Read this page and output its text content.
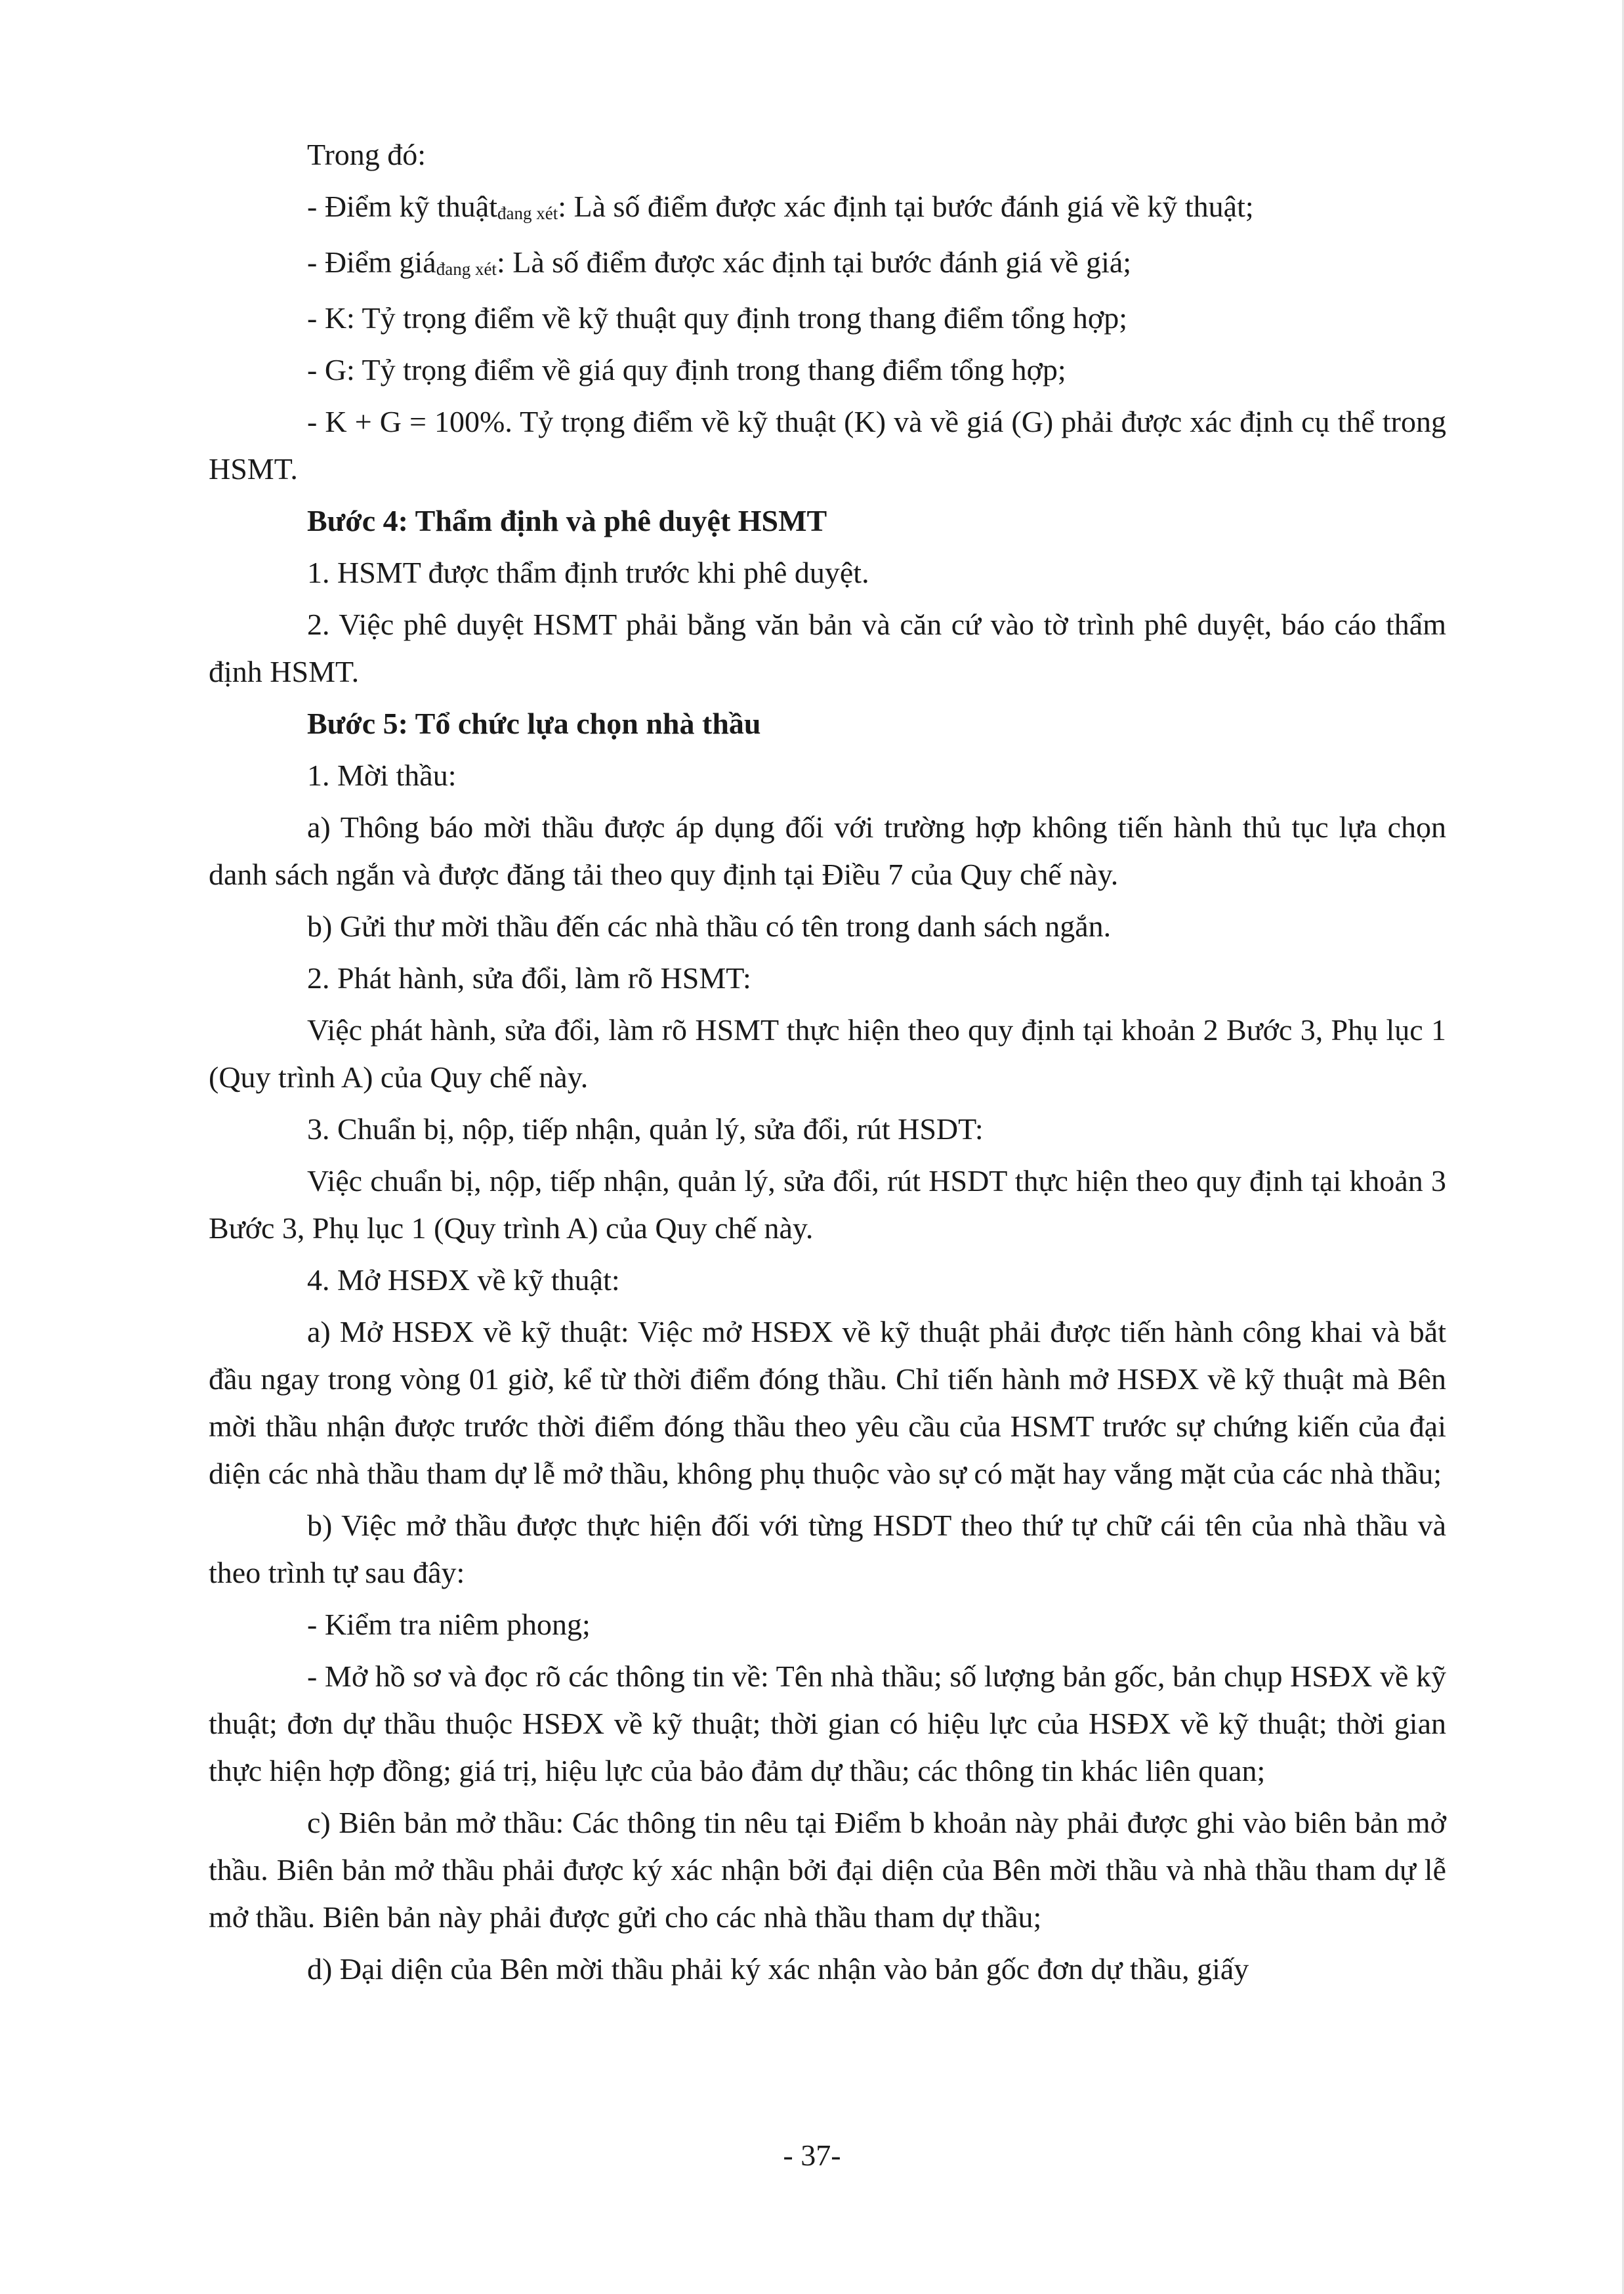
Trong đó:
- Điểm kỹ thuậtđang xét: Là số điểm được xác định tại bước đánh giá về kỹ thuật;
- Điểm giáđang xét: Là số điểm được xác định tại bước đánh giá về giá;
- K: Tỷ trọng điểm về kỹ thuật quy định trong thang điểm tổng hợp;
- G: Tỷ trọng điểm về giá quy định trong thang điểm tổng hợp;
- K + G = 100%. Tỷ trọng điểm về kỹ thuật (K) và về giá (G) phải được xác định cụ thể trong HSMT.
Bước 4: Thẩm định và phê duyệt HSMT
1. HSMT được thẩm định trước khi phê duyệt.
2. Việc phê duyệt HSMT phải bằng văn bản và căn cứ vào tờ trình phê duyệt, báo cáo thẩm định HSMT.
Bước 5: Tổ chức lựa chọn nhà thầu
1. Mời thầu:
a) Thông báo mời thầu được áp dụng đối với trường hợp không tiến hành thủ tục lựa chọn danh sách ngắn và được đăng tải theo quy định tại Điều 7 của Quy chế này.
b) Gửi thư mời thầu đến các nhà thầu có tên trong danh sách ngắn.
2. Phát hành, sửa đổi, làm rõ HSMT:
Việc phát hành, sửa đổi, làm rõ HSMT thực hiện theo quy định tại khoản 2 Bước 3, Phụ lục 1 (Quy trình A) của Quy chế này.
3. Chuẩn bị, nộp, tiếp nhận, quản lý, sửa đổi, rút HSDT:
Việc chuẩn bị, nộp, tiếp nhận, quản lý, sửa đổi, rút HSDT thực hiện theo quy định tại khoản 3 Bước 3, Phụ lục 1 (Quy trình A) của Quy chế này.
4. Mở HSĐX về kỹ thuật:
a) Mở HSĐX về kỹ thuật: Việc mở HSĐX về kỹ thuật phải được tiến hành công khai và bắt đầu ngay trong vòng 01 giờ, kể từ thời điểm đóng thầu. Chỉ tiến hành mở HSĐX về kỹ thuật mà Bên mời thầu nhận được trước thời điểm đóng thầu theo yêu cầu của HSMT trước sự chứng kiến của đại diện các nhà thầu tham dự lễ mở thầu, không phụ thuộc vào sự có mặt hay vắng mặt của các nhà thầu;
b) Việc mở thầu được thực hiện đối với từng HSDT theo thứ tự chữ cái tên của nhà thầu và theo trình tự sau đây:
- Kiểm tra niêm phong;
- Mở hồ sơ và đọc rõ các thông tin về: Tên nhà thầu; số lượng bản gốc, bản chụp HSĐX về kỹ thuật; đơn dự thầu thuộc HSĐX về kỹ thuật; thời gian có hiệu lực của HSĐX về kỹ thuật; thời gian thực hiện hợp đồng; giá trị, hiệu lực của bảo đảm dự thầu; các thông tin khác liên quan;
c) Biên bản mở thầu: Các thông tin nêu tại Điểm b khoản này phải được ghi vào biên bản mở thầu. Biên bản mở thầu phải được ký xác nhận bởi đại diện của Bên mời thầu và nhà thầu tham dự lễ mở thầu. Biên bản này phải được gửi cho các nhà thầu tham dự thầu;
d) Đại diện của Bên mời thầu phải ký xác nhận vào bản gốc đơn dự thầu, giấy
- 37-
